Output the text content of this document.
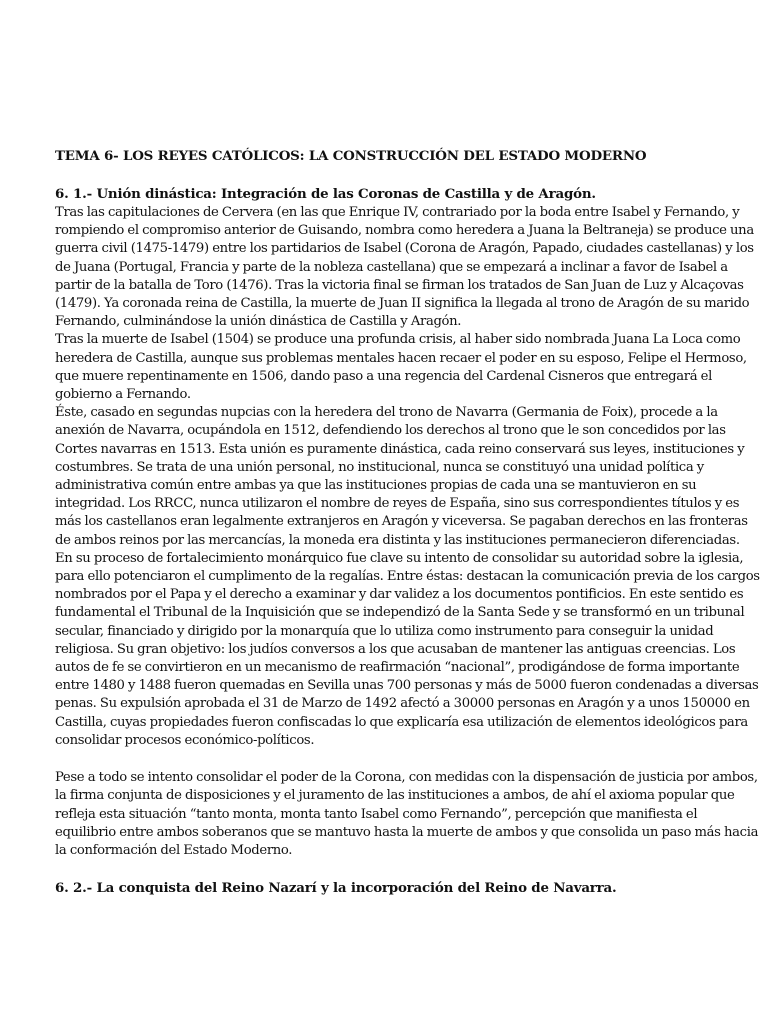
TEMA 6- LOS REYES CATÓLICOS: LA CONSTRUCCIÓN DEL ESTADO MODERNO
6. 1.- Unión dinástica: Integración de las Coronas de Castilla y de Aragón.

Tras las capitulaciones de Cervera (en las que Enrique IV, contrariado por la boda entre Isabel y Fernando, y rompiendo el compromiso anterior de Guisando, nombra como heredera a Juana la Beltraneja) se produce una guerra civil (1475-1479) entre los partidarios de Isabel (Corona de Aragón, Papado, ciudades castellanas) y los de Juana (Portugal, Francia y parte de la nobleza castellana) que se empezará a inclinar a favor de Isabel a partir de la batalla de Toro (1476). Tras la victoria final se firman los tratados de San Juan de Luz y Alcaçovas (1479). Ya coronada reina de Castilla, la muerte de Juan II significa la llegada al trono de Aragón de su marido Fernando, culminándose la unión dinástica de Castilla y Aragón.

Tras la muerte de Isabel (1504) se produce una profunda crisis, al haber sido nombrada Juana La Loca como heredera de Castilla, aunque sus problemas mentales hacen recaer el poder en su esposo, Felipe el Hermoso, que muere repentinamente en 1506, dando paso a una regencia del Cardenal Cisneros que entregará el gobierno a Fernando.

Éste, casado en segundas nupcias con la heredera del trono de Navarra (Germania de Foix), procede a la anexión de Navarra, ocupándola en 1512, defendiendo los derechos al trono que le son concedidos por las Cortes navarras en 1513. Esta unión es puramente dinástica, cada reino conservará sus leyes, instituciones y costumbres. Se trata de una unión personal, no institucional, nunca se constituyó una unidad política y administrativa común entre ambas ya que las instituciones propias de cada una se mantuvieron en su integridad. Los RRCC, nunca utilizaron el nombre de reyes de España, sino sus correspondientes títulos y es más los castellanos eran legalmente extranjeros en Aragón y viceversa. Se pagaban derechos en las fronteras de ambos reinos por las mercancías, la moneda era distinta y las instituciones permanecieron diferenciadas.

En su proceso de fortalecimiento monárquico fue clave su intento de consolidar su autoridad sobre la iglesia, para ello potenciaron el cumplimento de la regalías. Entre éstas: destacan la comunicación previa de los cargos nombrados por el Papa y el derecho a examinar y dar validez a los documentos pontificios. En este sentido es fundamental el Tribunal de la Inquisición que se independizó de la Santa Sede y se transformó en un tribunal secular, financiado y dirigido por la monarquía que lo utiliza como instrumento para conseguir la unidad religiosa. Su gran objetivo: los judíos conversos a los que acusaban de mantener las antiguas creencias. Los autos de fe se convirtieron en un mecanismo de reafirmación “nacional”, prodigándose de forma importante entre 1480 y 1488 fueron quemadas en Sevilla unas 700 personas y más de 5000 fueron condenadas a diversas penas. Su expulsión aprobada el 31 de Marzo de 1492 afectó a 30000 personas en Aragón y a unos 150000 en Castilla, cuyas propiedades fueron confiscadas lo que explicaría esa utilización de elementos ideológicos para consolidar procesos económico-políticos.

Pese a todo se intento consolidar el poder de la Corona, con medidas con la dispensación de justicia por ambos, la firma conjunta de disposiciones y el juramento de las instituciones a ambos, de ahí el axioma popular que refleja esta situación “tanto monta, monta tanto Isabel como Fernando”, percepción que manifiesta el equilibrio entre ambos soberanos que se mantuvo hasta la muerte de ambos y que consolida un paso más hacia la conformación del Estado Moderno.

6. 2.- La conquista del Reino Nazarí y la incorporación del Reino de Navarra.
